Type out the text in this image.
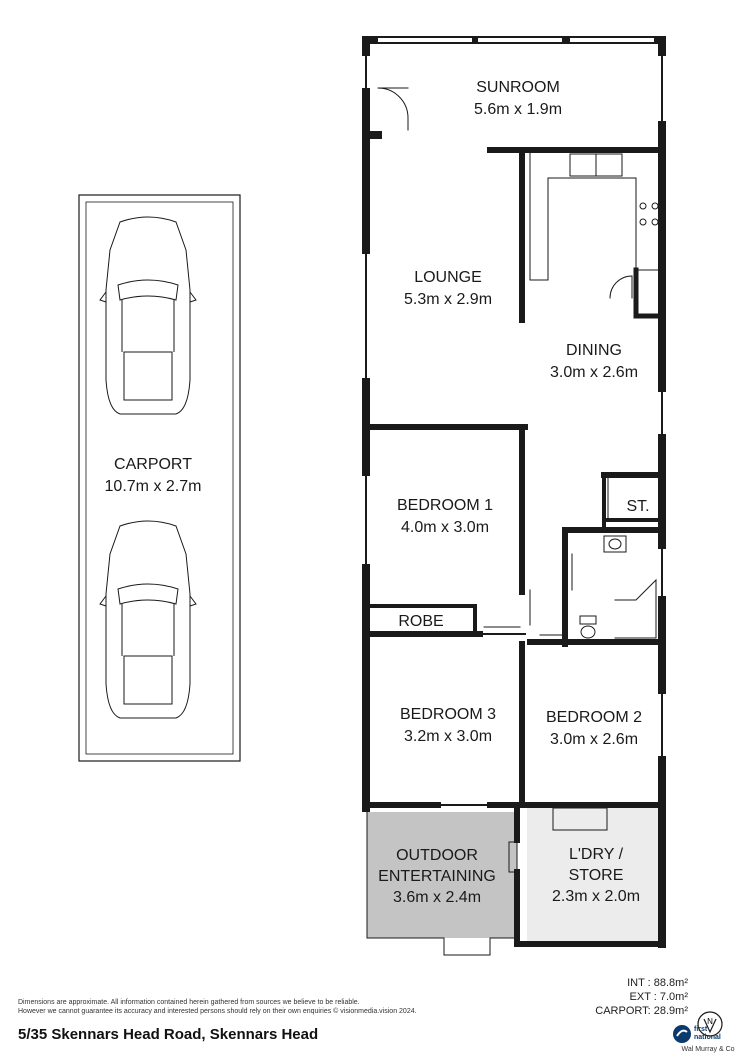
SUNROOM
5.6m x 1.9m
LOUNGE
5.3m x 2.9m
DINING
3.0m x 2.6m
ST.
BEDROOM 1
4.0m x 3.0m
ROBE
BEDROOM 3
3.2m x 3.0m
BEDROOM 2
3.0m x 2.6m
OUTDOOR
ENTERTAINING
3.6m x 2.4m
L'DRY /
STORE
2.3m x 2.0m
CARPORT
10.7m x 2.7m
INT : 88.8m²
EXT : 7.0m²
CARPORT: 28.9m²
N
Dimensions are approximate. All information contained herein gathered from sources we believe to be reliable.
However we cannot guarantee its accuracy and interested persons should rely on their own enquiries © visionmedia.vision 2024.
5/35 Skennars Head Road, Skennars Head	first
national
Wal Murray & Co
